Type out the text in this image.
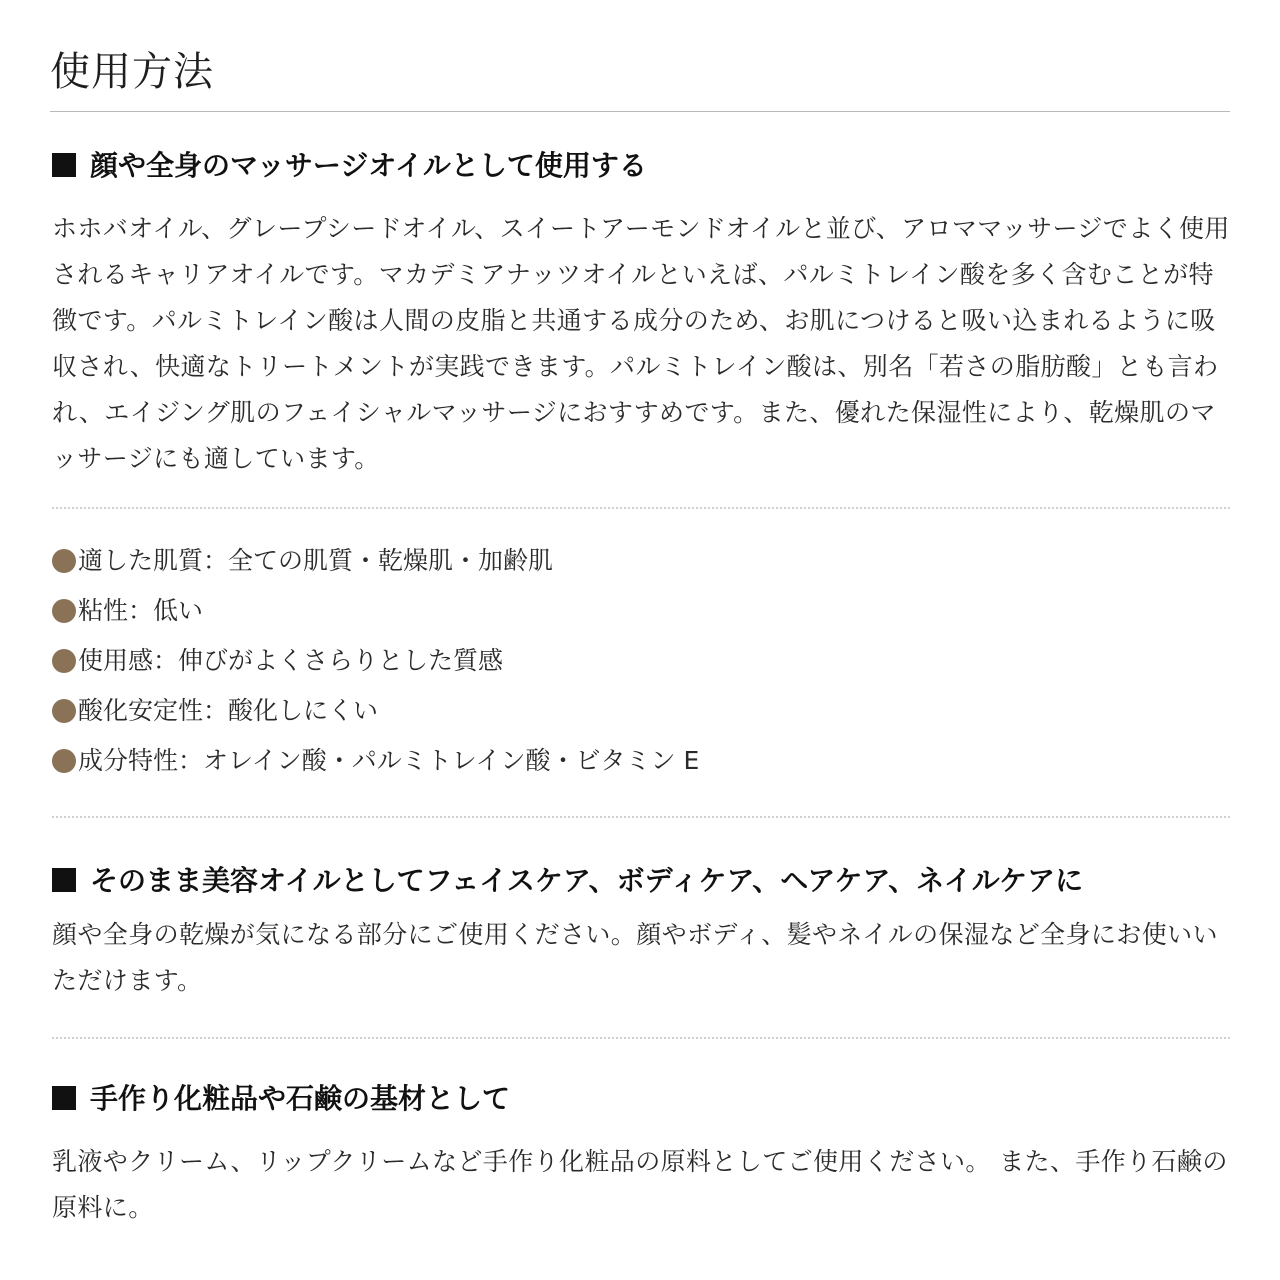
使用方法
顔や全身のマッサージオイルとして使用する

ホホバオイル、グレープシードオイル、スイートアーモンドオイルと並び、アロママッサージでよく使用されるキャリアオイルです。マカデミアナッツオイルといえば、パルミトレイン酸を多く含むことが特徴です。パルミトレイン酸は人間の皮脂と共通する成分のため、お肌につけると吸い込まれるように吸収され、快適なトリートメントが実践できます。パルミトレイン酸は、別名「若さの脂肪酸」とも言われ、エイジング肌のフェイシャルマッサージにおすすめです。また、優れた保湿性により、乾燥肌のマッサージにも適しています。

適した肌質：全ての肌質・乾燥肌・加齢肌
粘性：低い
使用感：伸びがよくさらりとした質感
酸化安定性：酸化しにくい
成分特性：オレイン酸・パルミトレイン酸・ビタミン E
そのまま美容オイルとしてフェイスケア、ボディケア、ヘアケア、ネイルケアに

顔や全身の乾燥が気になる部分にご使用ください。顔やボディ、髪やネイルの保湿など全身にお使いいただけます。

手作り化粧品や石鹸の基材として

乳液やクリーム、リップクリームなど手作り化粧品の原料としてご使用ください。 また、手作り石鹸の原料に。
